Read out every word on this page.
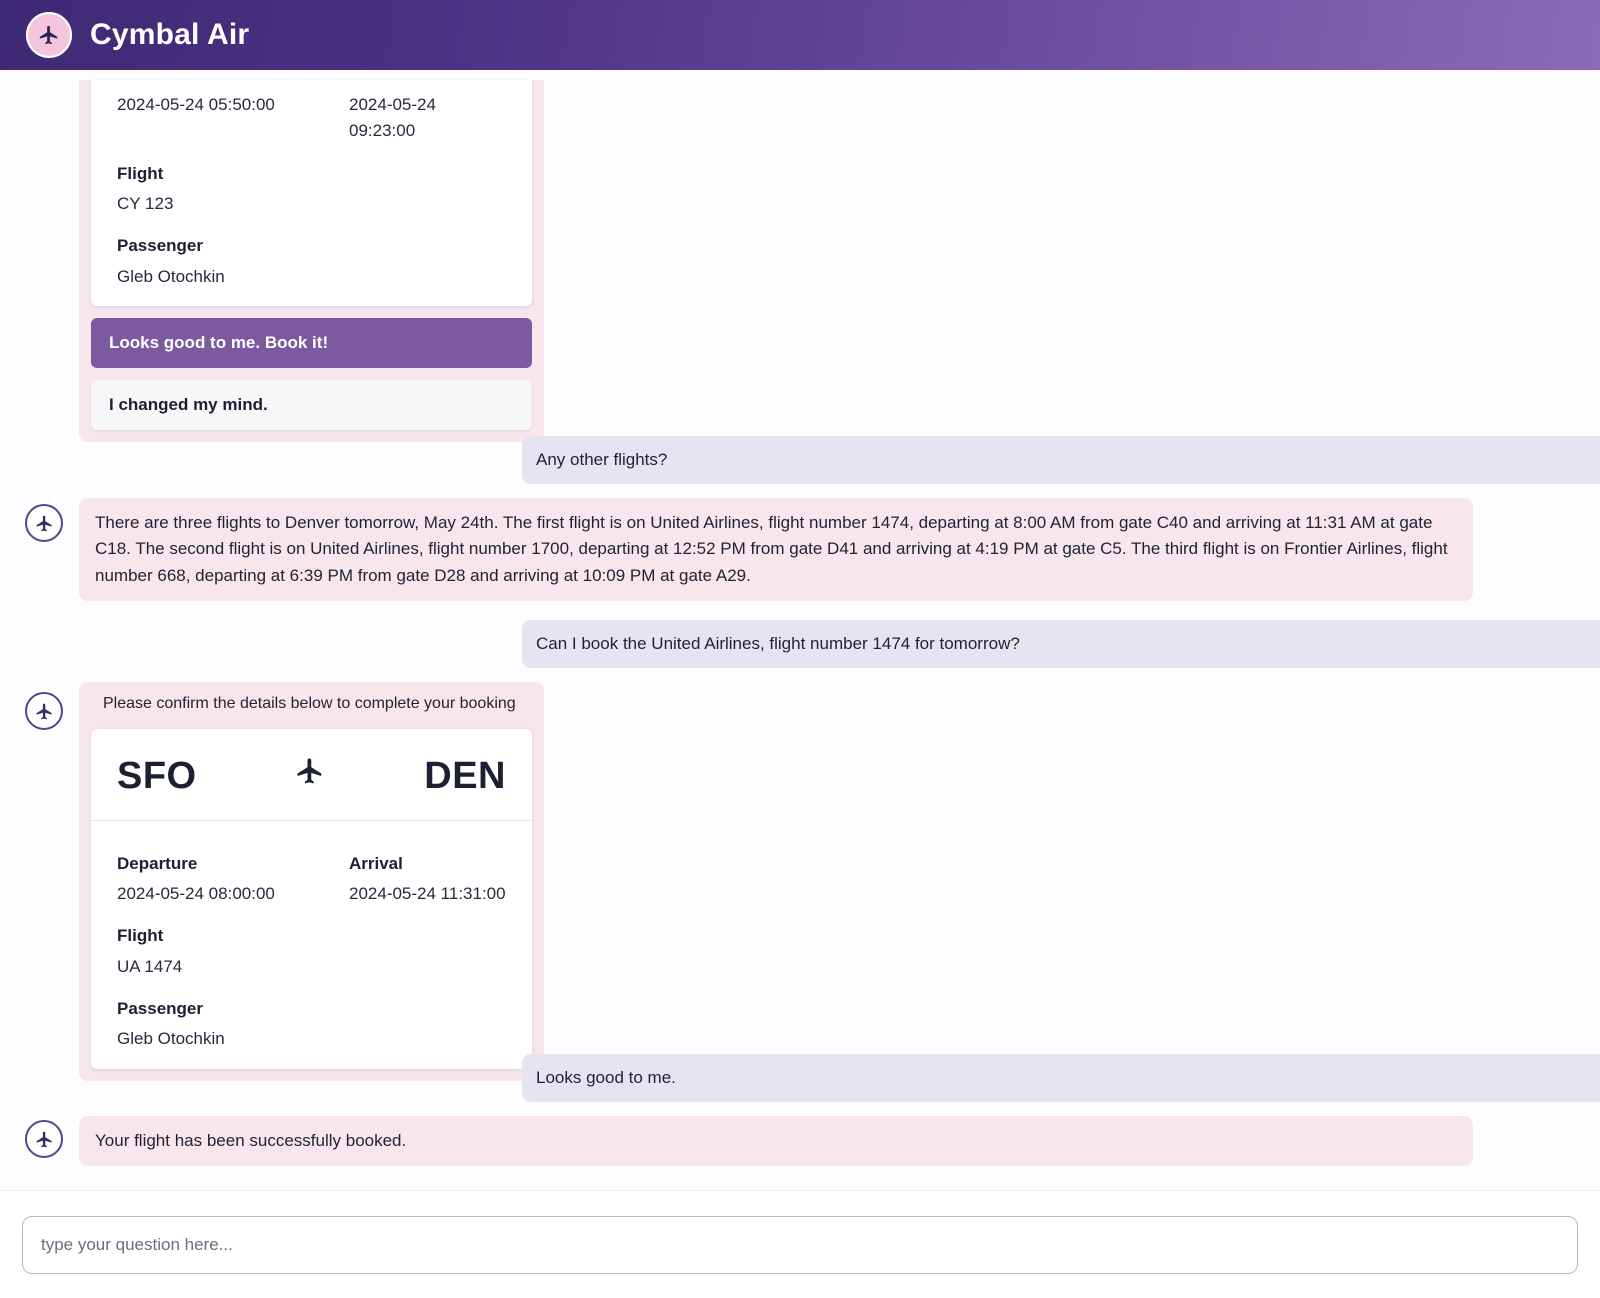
Cymbal Air
2024-05-24 05:50:00	2024-05-24 09:23:00
Flight
CY 123
Passenger
Gleb Otochkin
Looks good to me. Book it!
I changed my mind.
Any other flights?
There are three flights to Denver tomorrow, May 24th. The first flight is on United Airlines, flight number 1474, departing at 8:00 AM from gate C40 and arriving at 11:31 AM at gate C18. The second flight is on United Airlines, flight number 1700, departing at 12:52 PM from gate D41 and arriving at 4:19 PM at gate C5. The third flight is on Frontier Airlines, flight number 668, departing at 6:39 PM from gate D28 and arriving at 10:09 PM at gate A29.
Can I book the United Airlines, flight number 1474 for tomorrow?
Please confirm the details below to complete your booking
SFO	DEN
Departure	Arrival
2024-05-24 08:00:00	2024-05-24 11:31:00
Flight
UA 1474
Passenger
Gleb Otochkin
Looks good to me.
Your flight has been successfully booked.
type your question here...
